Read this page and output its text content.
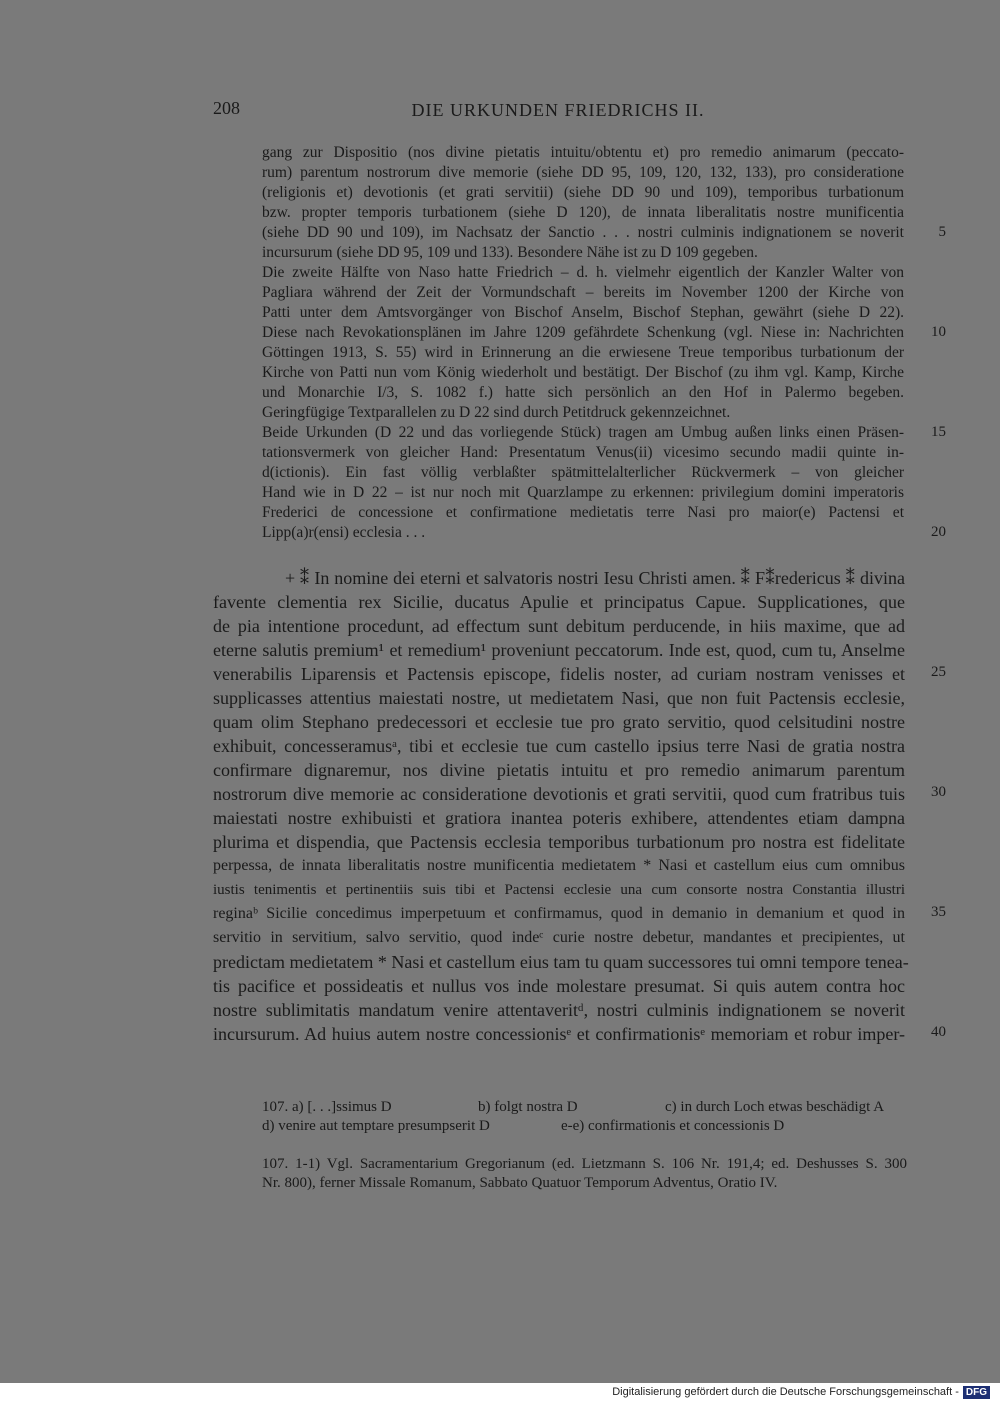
208	DIE URKUNDEN FRIEDRICHS II.
gang zur Dispositio (nos divine pietatis intuitu/obtentu et) pro remedio animarum (peccato-
rum) parentum nostrorum dive memorie (siehe DD 95, 109, 120, 132, 133), pro consideratione
(religionis et) devotionis (et grati servitii) (siehe DD 90 und 109), temporibus turbationum
bzw. propter temporis turbationem (siehe D 120), de innata liberalitatis nostre munificentia
(siehe DD 90 und 109), im Nachsatz der Sanctio . . . nostri culminis indignationem se noverit
incursurum (siehe DD 95, 109 und 133). Besondere Nähe ist zu D 109 gegeben.
Die zweite Hälfte von Naso hatte Friedrich – d. h. vielmehr eigentlich der Kanzler Walter von
Pagliara während der Zeit der Vormundschaft – bereits im November 1200 der Kirche von
Patti unter dem Amtsvorgänger von Bischof Anselm, Bischof Stephan, gewährt (siehe D 22).
Diese nach Revokationsplänen im Jahre 1209 gefährdete Schenkung (vgl. Niese in: Nachrichten
Göttingen 1913, S. 55) wird in Erinnerung an die erwiesene Treue temporibus turbationum der
Kirche von Patti nun vom König wiederholt und bestätigt. Der Bischof (zu ihm vgl. Kamp, Kirche
und Monarchie I/3, S. 1082 f.) hatte sich persönlich an den Hof in Palermo begeben.
Geringfügige Textparallelen zu D 22 sind durch Petitdruck gekennzeichnet.
Beide Urkunden (D 22 und das vorliegende Stück) tragen am Umbug außen links einen Präsen-
tationsvermerk von gleicher Hand: Presentatum Venus(ii) vicesimo secundo madii quinte in-
d(ictionis). Ein fast völlig verblaßter spätmittelalterlicher Rückvermerk – von gleicher
Hand wie in D 22 – ist nur noch mit Quarzlampe zu erkennen: privilegium domini imperatoris
Frederici de concessione et confirmatione medietatis terre Nasi pro maior(e) Pactensi et
Lipp(a)r(ensi) ecclesia . . .
5
10
15
20
+ ⁑ In nomine dei eterni et salvatoris nostri Iesu Christi amen. ⁑ F⁑redericus ⁑ divina
favente clementia rex Sicilie, ducatus Apulie et principatus Capue. Supplicationes, que
de pia intentione procedunt, ad effectum sunt debitum perducende, in hiis maxime, que ad
eterne salutis premium¹ et remedium¹ proveniunt peccatorum. Inde est, quod, cum tu, Anselme
venerabilis Liparensis et Pactensis episcope, fidelis noster, ad curiam nostram venisses et
supplicasses attentius maiestati nostre, ut medietatem Nasi, que non fuit Pactensis ecclesie,
quam olim Stephano predecessori et ecclesie tue pro grato servitio, quod celsitudini nostre
exhibuit, concesseramusᵃ, tibi et ecclesie tue cum castello ipsius terre Nasi de gratia nostra
confirmare dignaremur, nos divine pietatis intuitu et pro remedio animarum parentum
nostrorum dive memorie ac consideratione devotionis et grati servitii, quod cum fratribus tuis
maiestati nostre exhibuisti et gratiora inantea poteris exhibere, attendentes etiam dampna
plurima et dispendia, que Pactensis ecclesia temporibus turbationum pro nostra est fidelitate
perpessa, de innata liberalitatis nostre munificentia medietatem * Nasi et castellum eius cum omnibus
iustis tenimentis et pertinentiis suis tibi et Pactensi ecclesie una cum consorte nostra Constantia illustri
reginaᵇ Sicilie concedimus imperpetuum et confirmamus, quod in demanio in demanium et quod in
servitio in servitium, salvo servitio, quod indeᶜ curie nostre debetur, mandantes et precipientes, ut
predictam medietatem * Nasi et castellum eius tam tu quam successores tui omni tempore tenea-
tis pacifice et possideatis et nullus vos inde molestare presumat. Si quis autem contra hoc
nostre sublimitatis mandatum venire attentaveritᵈ, nostri culminis indignationem se noverit
incursurum. Ad huius autem nostre concessionisᵉ et confirmationisᵉ memoriam et robur imper-
25
30
35
40
107. a) [. . .]ssimus D	b) folgt nostra D	c) in durch Loch etwas beschädigt A
d) venire aut temptare presumpserit D	e-e) confirmationis et concessionis D
107. 1-1) Vgl. Sacramentarium Gregorianum (ed. Lietzmann S. 106 Nr. 191,4; ed. Deshusses S. 300
Nr. 800), ferner Missale Romanum, Sabbato Quatuor Temporum Adventus, Oratio IV.
Digitalisierung gefördert durch die Deutsche Forschungsgemeinschaft - DFG
